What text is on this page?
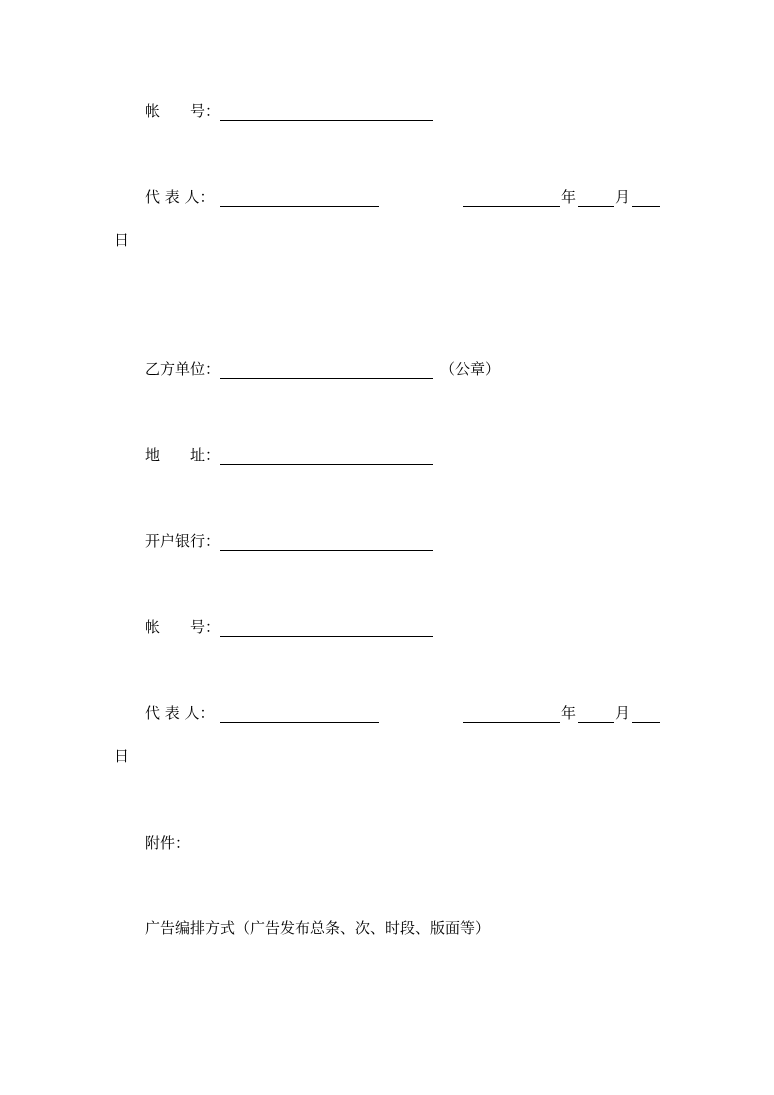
帐 号：
代 表 人：	年	月
日
乙方单位：	（公章）
地 址：
开户银行：
帐 号：
代 表 人：	年	月
日
附件：
广告编排方式（广告发布总条、次、时段、版面等）
